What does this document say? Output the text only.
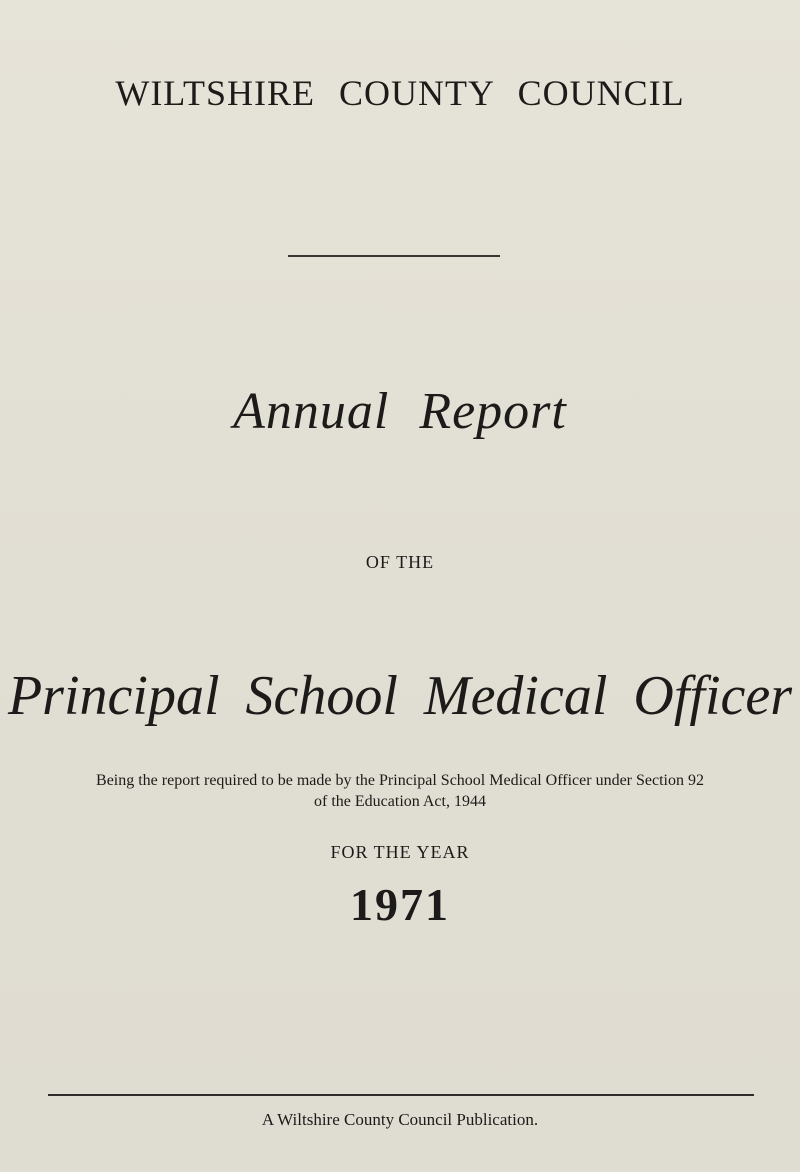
WILTSHIRE COUNTY COUNCIL
Annual Report
OF THE
Principal School Medical Officer
Being the report required to be made by the Principal School Medical Officer under Section 92
of the Education Act, 1944
FOR THE YEAR
1971
A Wiltshire County Council Publication.
